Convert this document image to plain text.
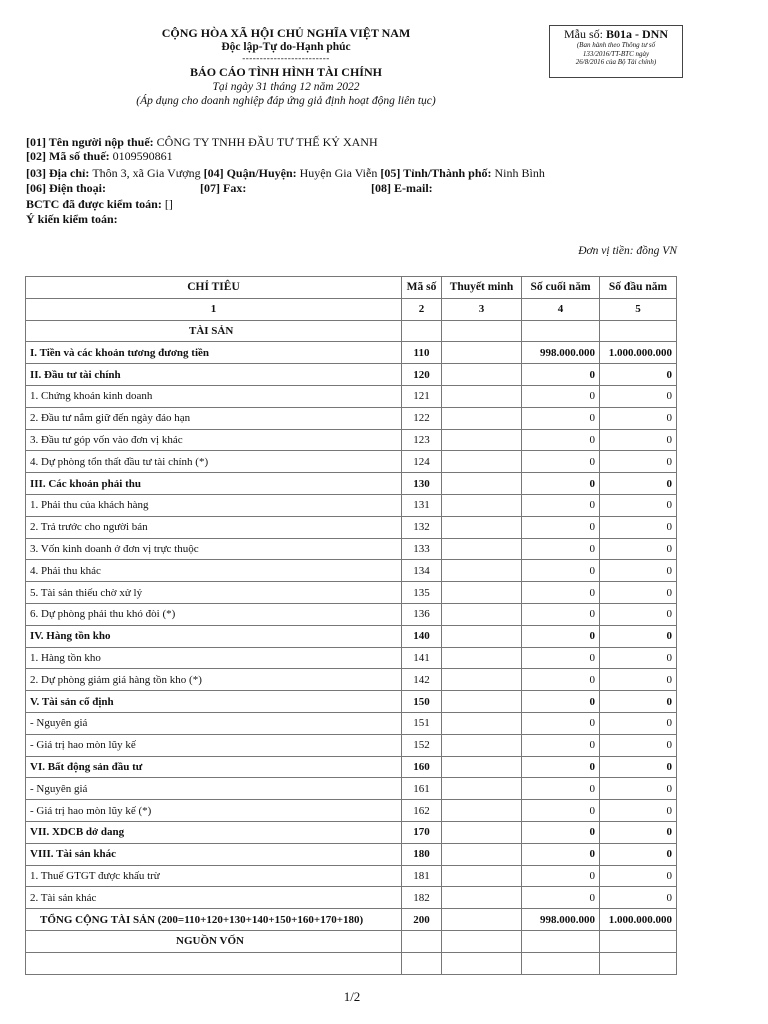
CỘNG HÒA XÃ HỘI CHỦ NGHĨA VIỆT NAM
Độc lập-Tự do-Hạnh phúc
-------------------------
BÁO CÁO TÌNH HÌNH TÀI CHÍNH
Tại ngày 31 tháng 12 năm 2022
(Áp dụng cho doanh nghiệp đáp ứng giả định hoạt động liên tục)
Mẫu số: B01a - DNN
(Ban hành theo Thông tư số
133/2016/TT-BTC ngày
26/8/2016 của Bộ Tài chính)
[01] Tên người nộp thuế: CÔNG TY TNHH ĐẦU TƯ THẾ KỶ XANH
[02] Mã số thuế: 0109590861
[03] Địa chỉ: Thôn 3, xã Gia Vượng [04] Quận/Huyện: Huyện Gia Viễn [05] Tỉnh/Thành phố: Ninh Bình
[06] Điện thoại:	[07] Fax:	[08] E-mail:
BCTC đã được kiểm toán: []
Ý kiến kiểm toán:
Đơn vị tiền: đồng VN
CHỈ TIÊU	Mã số	Thuyết minh	Số cuối năm	Số đầu năm
1	2	3	4	5
TÀI SẢN				
I. Tiền và các khoản tương đương tiền	110		998.000.000	1.000.000.000
II. Đầu tư tài chính	120		0	0
1. Chứng khoán kinh doanh	121		0	0
2. Đầu tư nắm giữ đến ngày đáo hạn	122		0	0
3. Đầu tư góp vốn vào đơn vị khác	123		0	0
4. Dự phòng tổn thất đầu tư tài chính (*)	124		0	0
III. Các khoản phải thu	130		0	0
1. Phải thu của khách hàng	131		0	0
2. Trả trước cho người bán	132		0	0
3. Vốn kinh doanh ở đơn vị trực thuộc	133		0	0
4. Phải thu khác	134		0	0
5. Tài sản thiếu chờ xử lý	135		0	0
6. Dự phòng phải thu khó đòi (*)	136		0	0
IV. Hàng tồn kho	140		0	0
1. Hàng tồn kho	141		0	0
2. Dự phòng giảm giá hàng tồn kho (*)	142		0	0
V. Tài sản cố định	150		0	0
- Nguyên giá	151		0	0
- Giá trị hao mòn lũy kế	152		0	0
VI. Bất động sản đầu tư	160		0	0
- Nguyên giá	161		0	0
- Giá trị hao mòn lũy kế (*)	162		0	0
VII. XDCB dở dang	170		0	0
VIII. Tài sản khác	180		0	0
1. Thuế GTGT được khấu trừ	181		0	0
2. Tài sản khác	182		0	0
TỔNG CỘNG TÀI SẢN (200=110+120+130+140+150+160+170+180)	200		998.000.000	1.000.000.000
NGUỒN VỐN				

1/2
